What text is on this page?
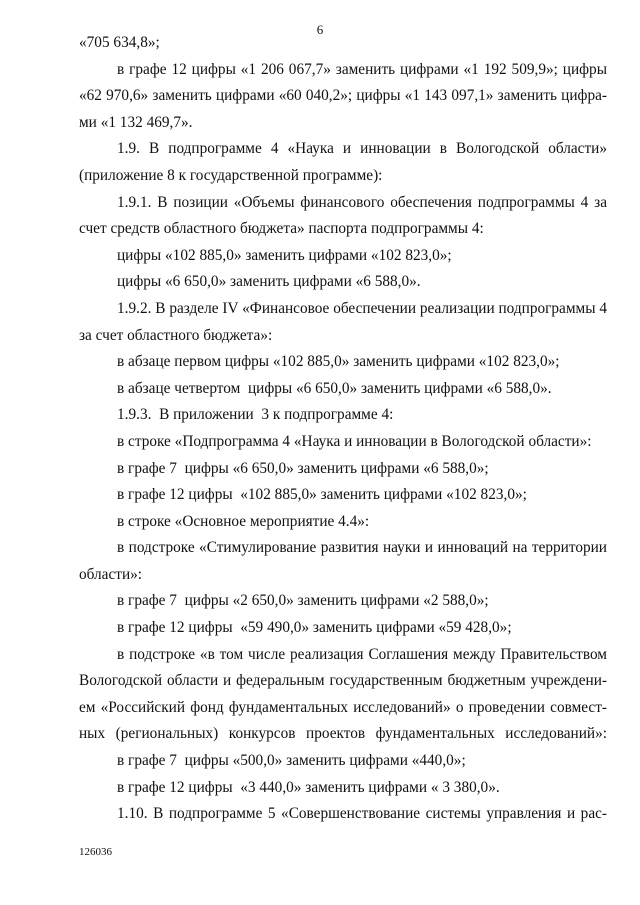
6
«705 634,8»;
в графе 12 цифры «1 206 067,7» заменить цифрами «1 192 509,9»; цифры
«62 970,6» заменить цифрами «60 040,2»; цифры «1 143 097,1» заменить цифра-
ми «1 132 469,7».
1.9. В подпрограмме 4 «Наука и инновации в Вологодской области»
(приложение 8 к государственной программе):
1.9.1. В позиции «Объемы финансового обеспечения подпрограммы 4 за
счет средств областного бюджета» паспорта подпрограммы 4:
цифры «102 885,0» заменить цифрами «102 823,0»;
цифры «6 650,0» заменить цифрами «6 588,0».
1.9.2. В разделе IV «Финансовое обеспечении реализации подпрограммы 4
за счет областного бюджета»:
в абзаце первом цифры «102 885,0» заменить цифрами «102 823,0»;
в абзаце четвертом  цифры «6 650,0» заменить цифрами «6 588,0».
1.9.3.  В приложении  3 к подпрограмме 4:
в строке «Подпрограмма 4 «Наука и инновации в Вологодской области»:
в графе 7  цифры «6 650,0» заменить цифрами «6 588,0»;
в графе 12 цифры  «102 885,0» заменить цифрами «102 823,0»;
в строке «Основное мероприятие 4.4»:
в подстроке «Стимулирование развития науки и инноваций на территории
области»:
в графе 7  цифры «2 650,0» заменить цифрами «2 588,0»;
в графе 12 цифры  «59 490,0» заменить цифрами «59 428,0»;
в подстроке «в том числе реализация Соглашения между Правительством
Вологодской области и федеральным государственным бюджетным учреждени-
ем «Российский фонд фундаментальных исследований» о проведении совмест-
ных (региональных) конкурсов проектов фундаментальных исследований»:
в графе 7  цифры «500,0» заменить цифрами «440,0»;
в графе 12 цифры  «3 440,0» заменить цифрами « 3 380,0».
1.10. В подпрограмме 5 «Совершенствование системы управления и рас-
126036
